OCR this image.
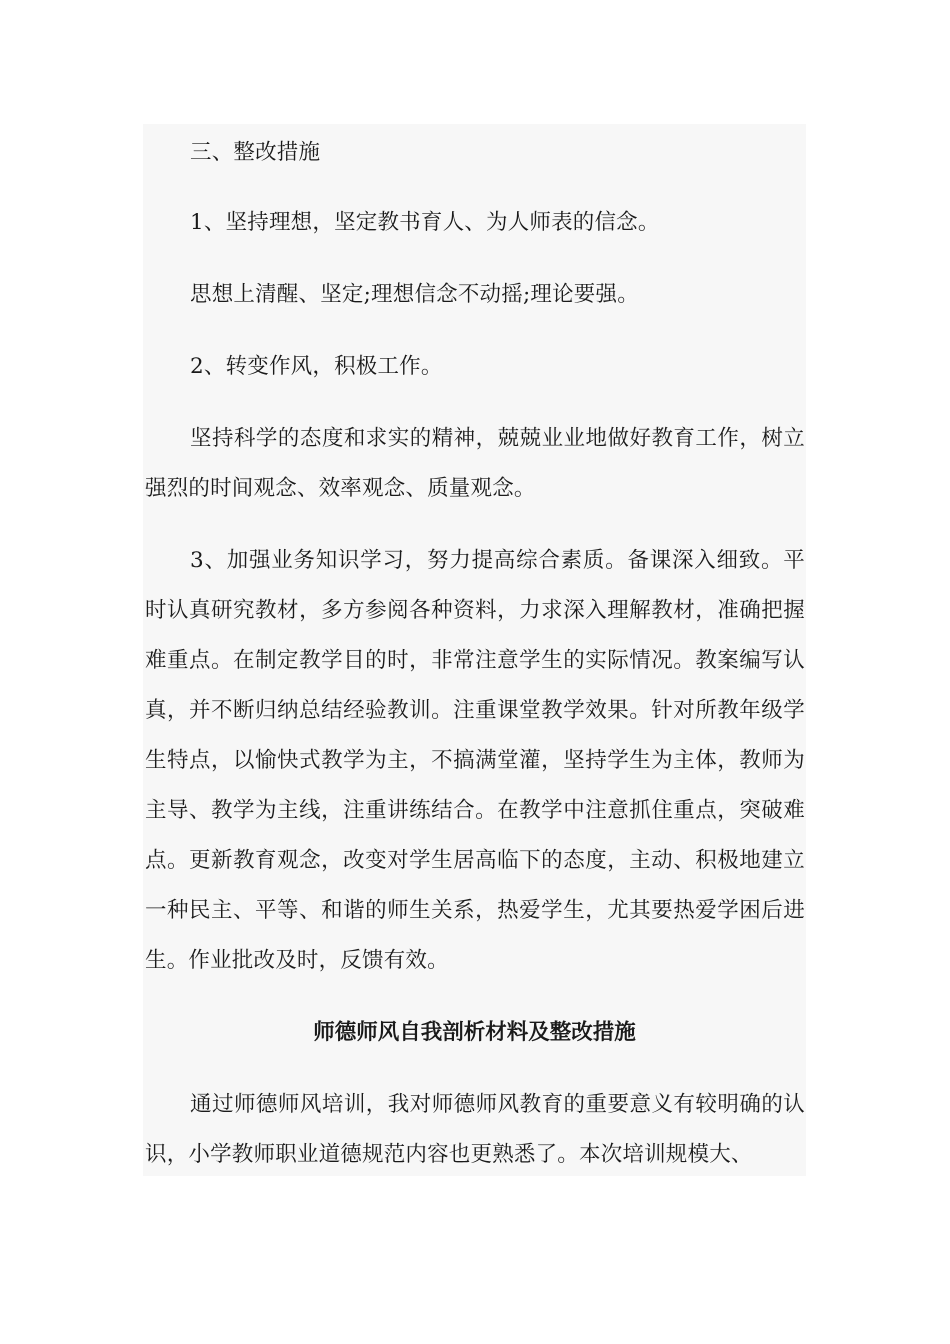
三、整改措施

1、坚持理想，坚定教书育人、为人师表的信念。

思想上清醒、坚定;理想信念不动摇;理论要强。

2、转变作风，积极工作。

坚持科学的态度和求实的精神，兢兢业业地做好教育工作，树立强烈的时间观念、效率观念、质量观念。

3、加强业务知识学习，努力提高综合素质。备课深入细致。平时认真研究教材，多方参阅各种资料，力求深入理解教材，准确把握难重点。在制定教学目的时，非常注意学生的实际情况。教案编写认真，并不断归纳总结经验教训。注重课堂教学效果。针对所教年级学生特点，以愉快式教学为主，不搞满堂灌，坚持学生为主体，教师为主导、教学为主线，注重讲练结合。在教学中注意抓住重点，突破难点。更新教育观念，改变对学生居高临下的态度，主动、积极地建立一种民主、平等、和谐的师生关系，热爱学生，尤其要热爱学困后进生。作业批改及时，反馈有效。

师德师风自我剖析材料及整改措施

通过师德师风培训，我对师德师风教育的重要意义有较明确的认识，小学教师职业道德规范内容也更熟悉了。本次培训规模大、
